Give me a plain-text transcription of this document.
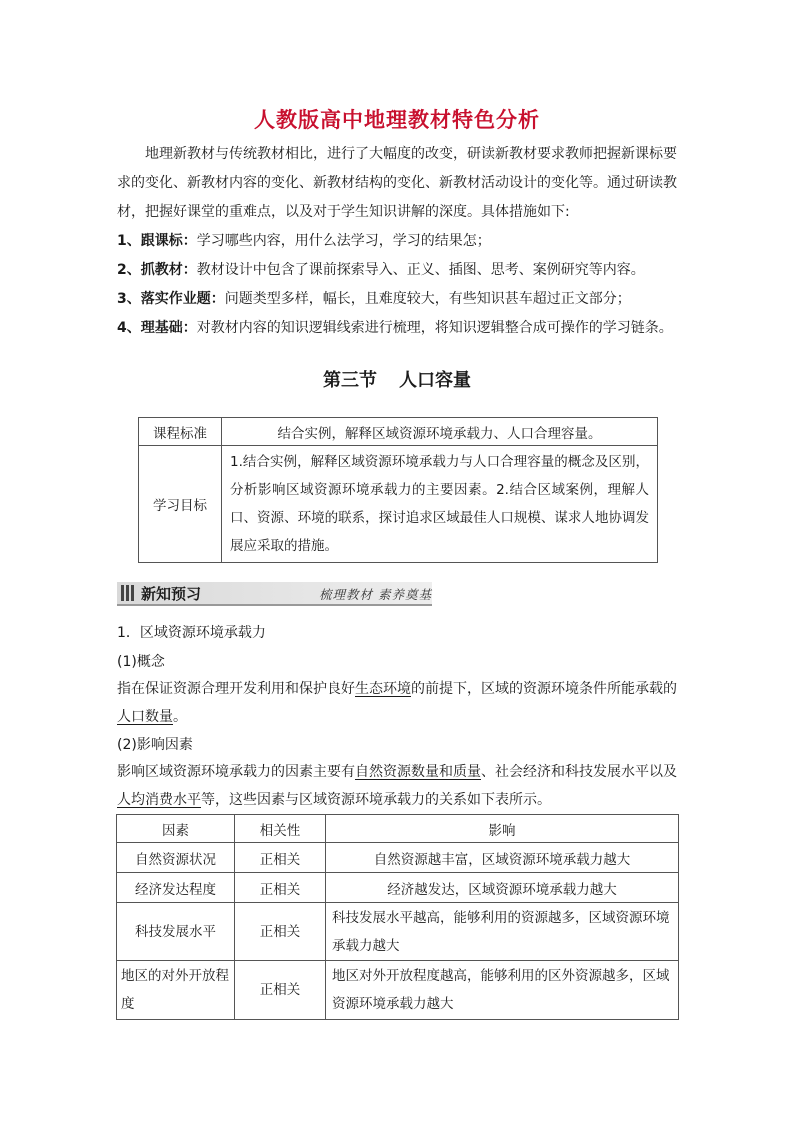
人教版高中地理教材特色分析
地理新教材与传统教材相比，进行了大幅度的改变，研读新教材要求教师把握新课标要求的变化、新教材内容的变化、新教材结构的变化、新教材活动设计的变化等。通过研读教材，把握好课堂的重难点，以及对于学生知识讲解的深度。具体措施如下:
1、跟课标：学习哪些内容，用什么法学习，学习的结果怎；
2、抓教材：教材设计中包含了课前探索导入、正义、插图、思考、案例研究等内容。
3、落实作业题：问题类型多样，幅长，且难度较大，有些知识甚车超过正文部分；
4、理基础：对教材内容的知识逻辑线索进行梳理，将知识逻辑整合成可操作的学习链条。
第三节 人口容量
课程标准	结合实例，解释区域资源环境承载力、人口合理容量。
学习目标	1.结合实例，解释区域资源环境承载力与人口合理容量的概念及区别，分析影响区域资源环境承载力的主要因素。2.结合区域案例，理解人口、资源、环境的联系，探讨追求区域最佳人口规模、谋求人地协调发展应采取的措施。
新知预习	梳理教材 素养奠基
1．区域资源环境承载力
(1)概念
指在保证资源合理开发利用和保护良好生态环境的前提下，区域的资源环境条件所能承载的人口数量。
(2)影响因素
影响区域资源环境承载力的因素主要有自然资源数量和质量、社会经济和科技发展水平以及人均消费水平等，这些因素与区域资源环境承载力的关系如下表所示。
因素	相关性	影响
自然资源状况	正相关	自然资源越丰富，区域资源环境承载力越大
经济发达程度	正相关	经济越发达，区域资源环境承载力越大
科技发展水平	正相关	科技发展水平越高，能够利用的资源越多，区域资源环境承载力越大
地区的对外开放程度	正相关	地区对外开放程度越高，能够利用的区外资源越多，区域资源环境承载力越大
